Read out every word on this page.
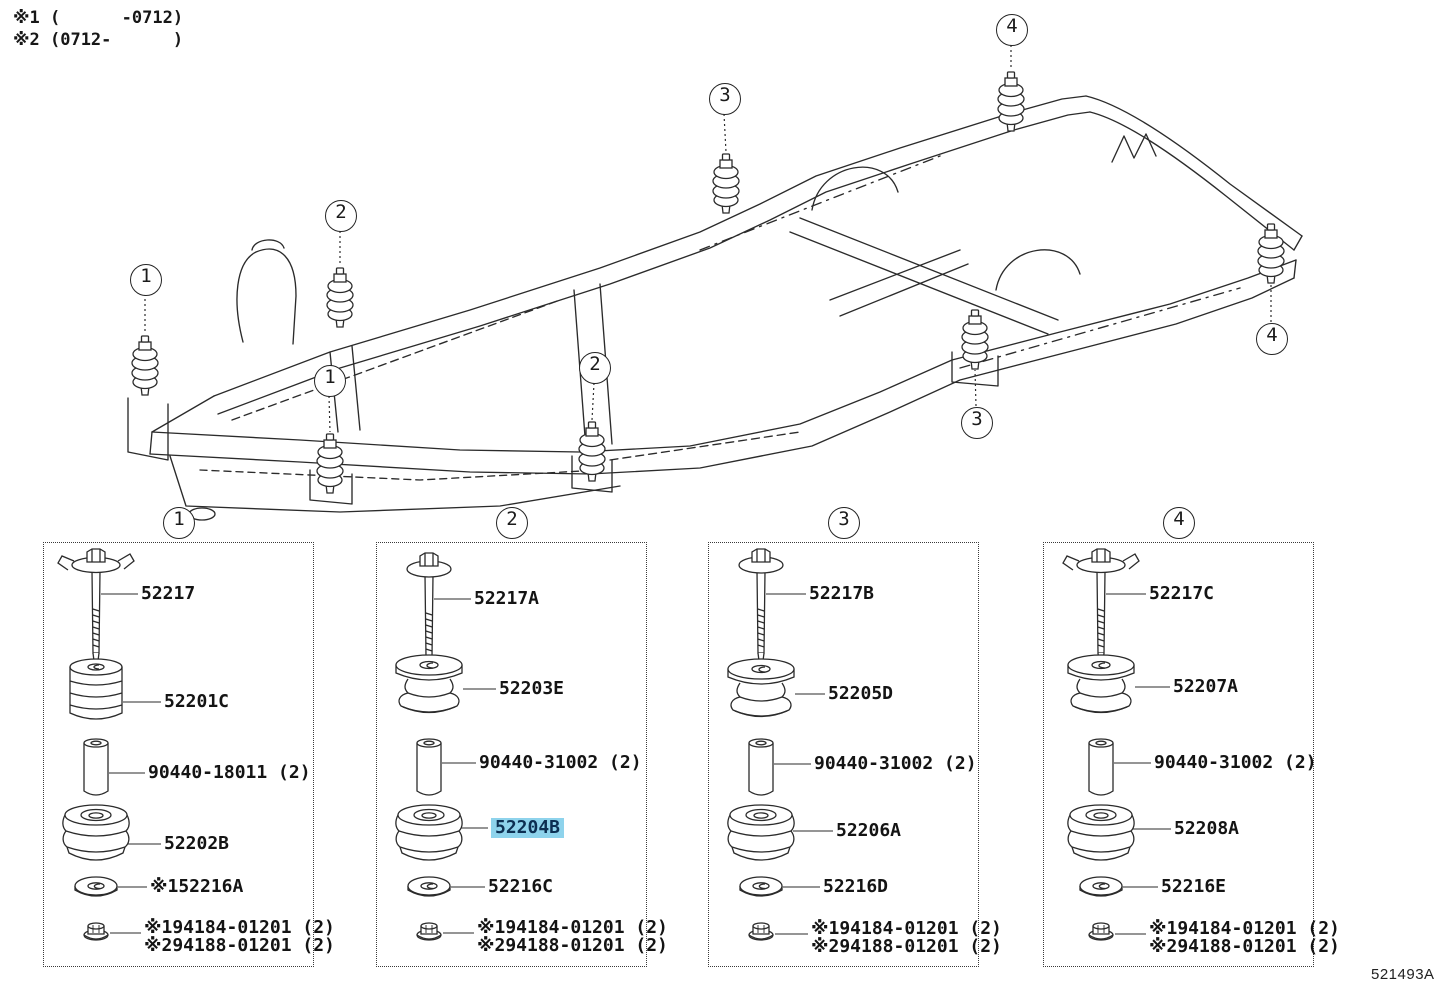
※1 (      -0712)
※2 (0712-      )
1
1
2
2
3
3
4
4
1	2	3	4
52217
52201C
90440-18011 (2)
52202B
※152216A
※194184-01201 (2)
※294188-01201 (2)
52217A
52203E
90440-31002 (2)
52204B
52216C
※194184-01201 (2)
※294188-01201 (2)
52217B
52205D
90440-31002 (2)
52206A
52216D
※194184-01201 (2)
※294188-01201 (2)
52217C
52207A
90440-31002 (2)
52208A
52216E
※194184-01201 (2)
※294188-01201 (2)
521493A
